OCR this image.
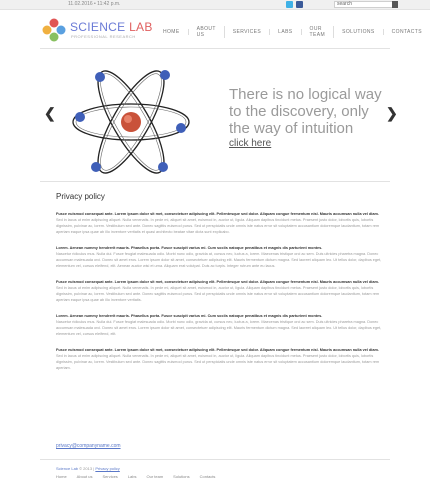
11.02.2016 • 11:42 p.m.	search
SCIENCE LAB
PROFESSIONAL RESEARCH
HOME	ABOUT US	SERVICES	LABS	OUR TEAM	SOLUTIONS	CONTACTS
❮	❯
There is no logical way to the discovery, only the way of intuition
click here
Privacy policy
Fusce euismod consequat ante. Lorem ipsum dolor sit met, consectetuer adipiscing elit. Pellentesque sed dolor. Aliquam congue fermentum nisl. Mauris accumsan nulla vel diam.
Sed in lacus ut enim adipiscing aliquet. Nulla venenatis. In pede mi, aliquet sit amet, euismod in, auctor ut, ligula. Aliquam dapibus tincidunt metus. Praesent justo dolor, lobortis quis, lobortis dignissim, pulvinar ac, lorem. Vestibulum sed ante. Donec sagittis euismod purus. Sed ut perspiciatis unde omnis iste natus error sit voluptatem accusantium doloremque laudantium, totam rem aperiam eaque ipsa quae ab illo inventore veritatis et quasi architecto beatae vitae dicta sunt explicabo.
Lorem. Aenean nummy hendrerit mauris. Phasellus porta. Fusce suscipit varius mi. Cum sociis natoque penatibus et magnis dis parturient montes.
Nascetur ridiculus mus. Nulla dui. Fusce feugiat malesuada odio. Morbi nunc odio, gravida at, cursus nec, luctus a, lorem. Maecenas tristique orci ac sem. Duis ultricies pharetra magna. Donec accumsan malesuada orci. Donec sit amet eros. Lorem ipsum dolor sit amet, consectetuer adipiscing elit. Mauris fermentum dictum magna. Sed laoreet aliquam leo. Ut tellus dolor, dapibus eget, elementum vel, cursus eleifend, elit. Aenean auctor wisi et urna. Aliquam erat volutpat. Duis ac turpis. Integer rutrum ante eu lacus.
Fusce euismod consequat ante. Lorem ipsum dolor sit met, consectetuer adipiscing elit. Pellentesque sed dolor. Aliquam congue fermentum nisl. Mauris accumsan nulla vel diam.
Sed in lacus ut enim adipiscing aliquet. Nulla venenatis. In pede mi, aliquet sit amet, euismod in, auctor ut, ligula. Aliquam dapibus tincidunt metus. Praesent justo dolor, lobortis quis, lobortis dignissim, pulvinar ac, lorem. Vestibulum sed ante. Donec sagittis euismod purus. Sed ut perspiciatis unde omnis iste natus error sit voluptatem accusantium doloremque laudantium, totam rem aperiam eaque ipsa quae ab illo inventore veritatis.
Lorem. Aenean nummy hendrerit mauris. Phasellus porta. Fusce suscipit varius mi. Cum sociis natoque penatibus et magnis dis parturient montes.
Nascetur ridiculus mus. Nulla dui. Fusce feugiat malesuada odio. Morbi nunc odio, gravida at, cursus nec, luctus a, lorem. Maecenas tristique orci ac sem. Duis ultricies pharetra magna. Donec accumsan malesuada orci. Donec sit amet eros. Lorem ipsum dolor sit amet, consectetuer adipiscing elit. Mauris fermentum dictum magna. Sed laoreet aliquam leo. Ut tellus dolor, dapibus eget, elementum vel, cursus eleifend, elit.
Fusce euismod consequat ante. Lorem ipsum dolor sit met, consectetuer adipiscing elit. Pellentesque sed dolor. Aliquam congue fermentum nisl. Mauris accumsan nulla vel diam.
Sed in lacus ut enim adipiscing aliquet. Nulla venenatis. In pede mi, aliquet sit amet, euismod in, auctor ut, ligula. Aliquam dapibus tincidunt metus. Praesent justo dolor, lobortis quis, lobortis dignissim, pulvinar ac, lorem. Vestibulum sed ante. Donec sagittis euismod purus. Sed ut perspiciatis unde omnis iste natus error sit voluptatem accusantium doloremque laudantium, totam rem aperiam.
privacy@companyname.com
Science Lab © 2013 | Privacy policy
Home	About us	Services	Labs	Our team	Solutions	Contacts
